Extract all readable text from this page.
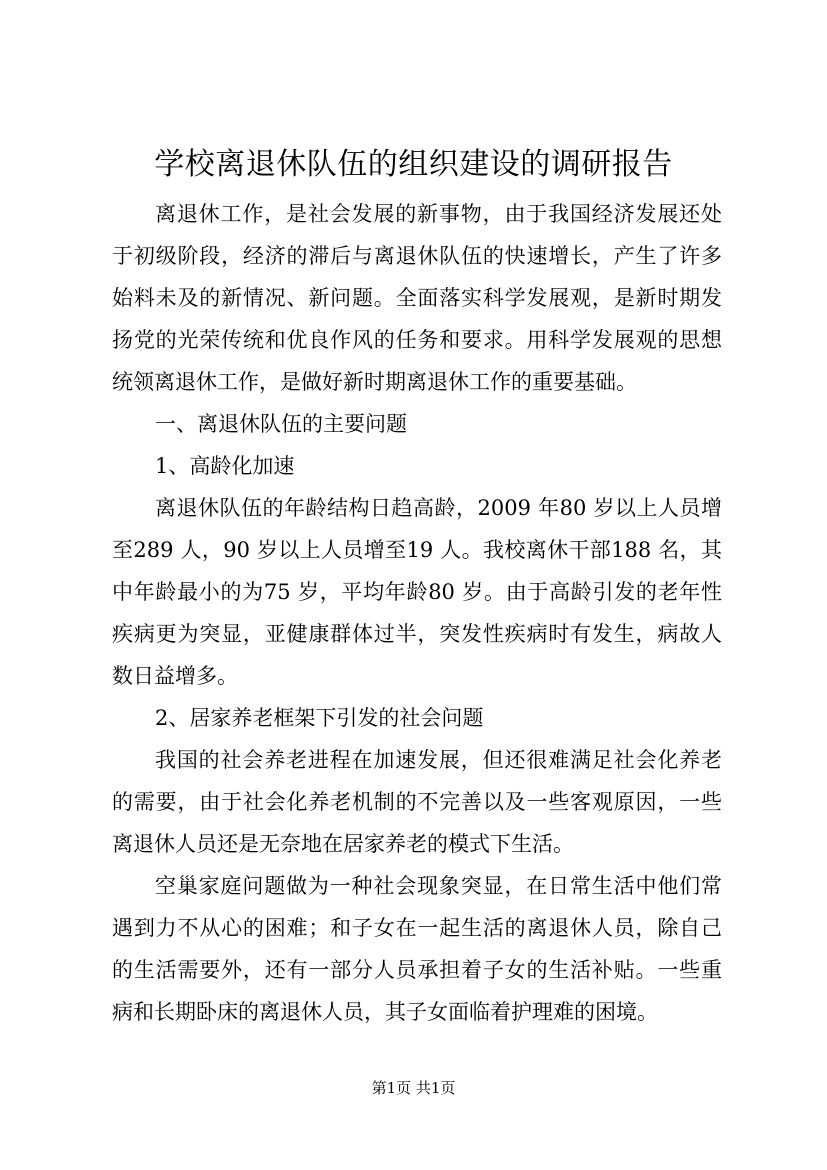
学校离退休队伍的组织建设的调研报告
离退休工作，是社会发展的新事物，由于我国经济发展还处
于初级阶段，经济的滞后与离退休队伍的快速增长，产生了许多
始料未及的新情况、新问题。全面落实科学发展观，是新时期发
扬党的光荣传统和优良作风的任务和要求。用科学发展观的思想
统领离退休工作，是做好新时期离退休工作的重要基础。
一、离退休队伍的主要问题
1、高龄化加速
离退休队伍的年龄结构日趋高龄，2009 年80 岁以上人员增
至289 人，90 岁以上人员增至19 人。我校离休干部188 名，其
中年龄最小的为75 岁，平均年龄80 岁。由于高龄引发的老年性
疾病更为突显，亚健康群体过半，突发性疾病时有发生，病故人
数日益增多。
2、居家养老框架下引发的社会问题
我国的社会养老进程在加速发展，但还很难满足社会化养老
的需要，由于社会化养老机制的不完善以及一些客观原因，一些
离退休人员还是无奈地在居家养老的模式下生活。
空巢家庭问题做为一种社会现象突显，在日常生活中他们常
遇到力不从心的困难；和子女在一起生活的离退休人员，除自己
的生活需要外，还有一部分人员承担着子女的生活补贴。一些重
病和长期卧床的离退休人员，其子女面临着护理难的困境。
第1页 共1页
